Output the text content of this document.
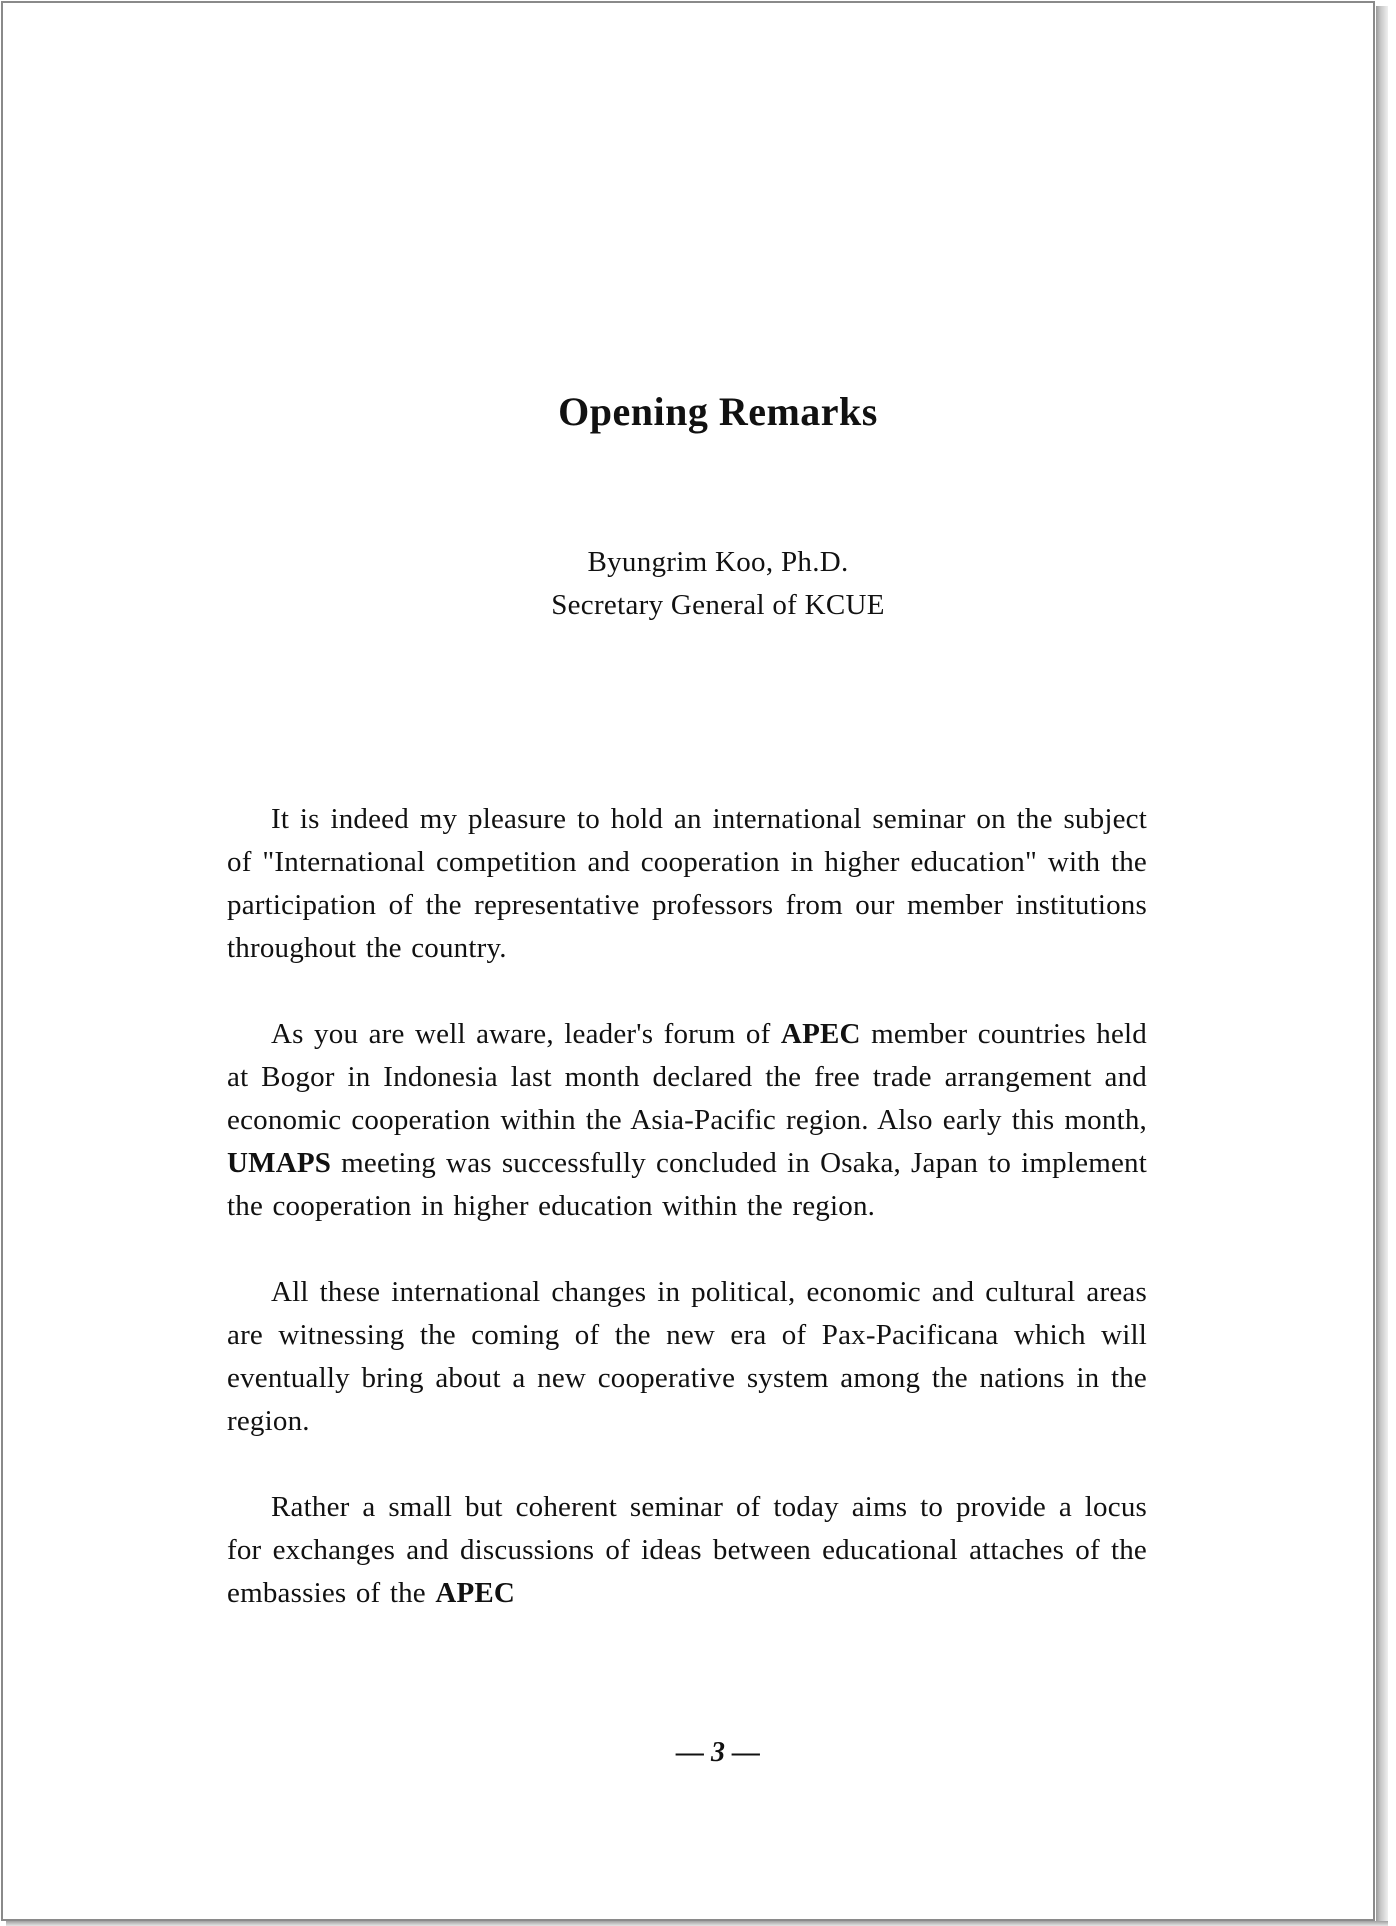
Opening Remarks
Byungrim Koo, Ph.D.
Secretary General of KCUE

It is indeed my pleasure to hold an international seminar on the subject of "International competition and cooperation in higher education" with the participation of the representative professors from our member institutions throughout the country.

As you are well aware, leader's forum of APEC member countries held at Bogor in Indonesia last month declared the free trade arrangement and economic cooperation within the Asia-Pacific region. Also early this month, UMAPS meeting was successfully concluded in Osaka, Japan to implement the cooperation in higher education within the region.

All these international changes in political, economic and cultural areas are witnessing the coming of the new era of Pax-Pacificana which will eventually bring about a new cooperative system among the nations in the region.

Rather a small but coherent seminar of today aims to provide a locus for exchanges and discussions of ideas between educational attaches of the embassies of the APEC

— 3 —
